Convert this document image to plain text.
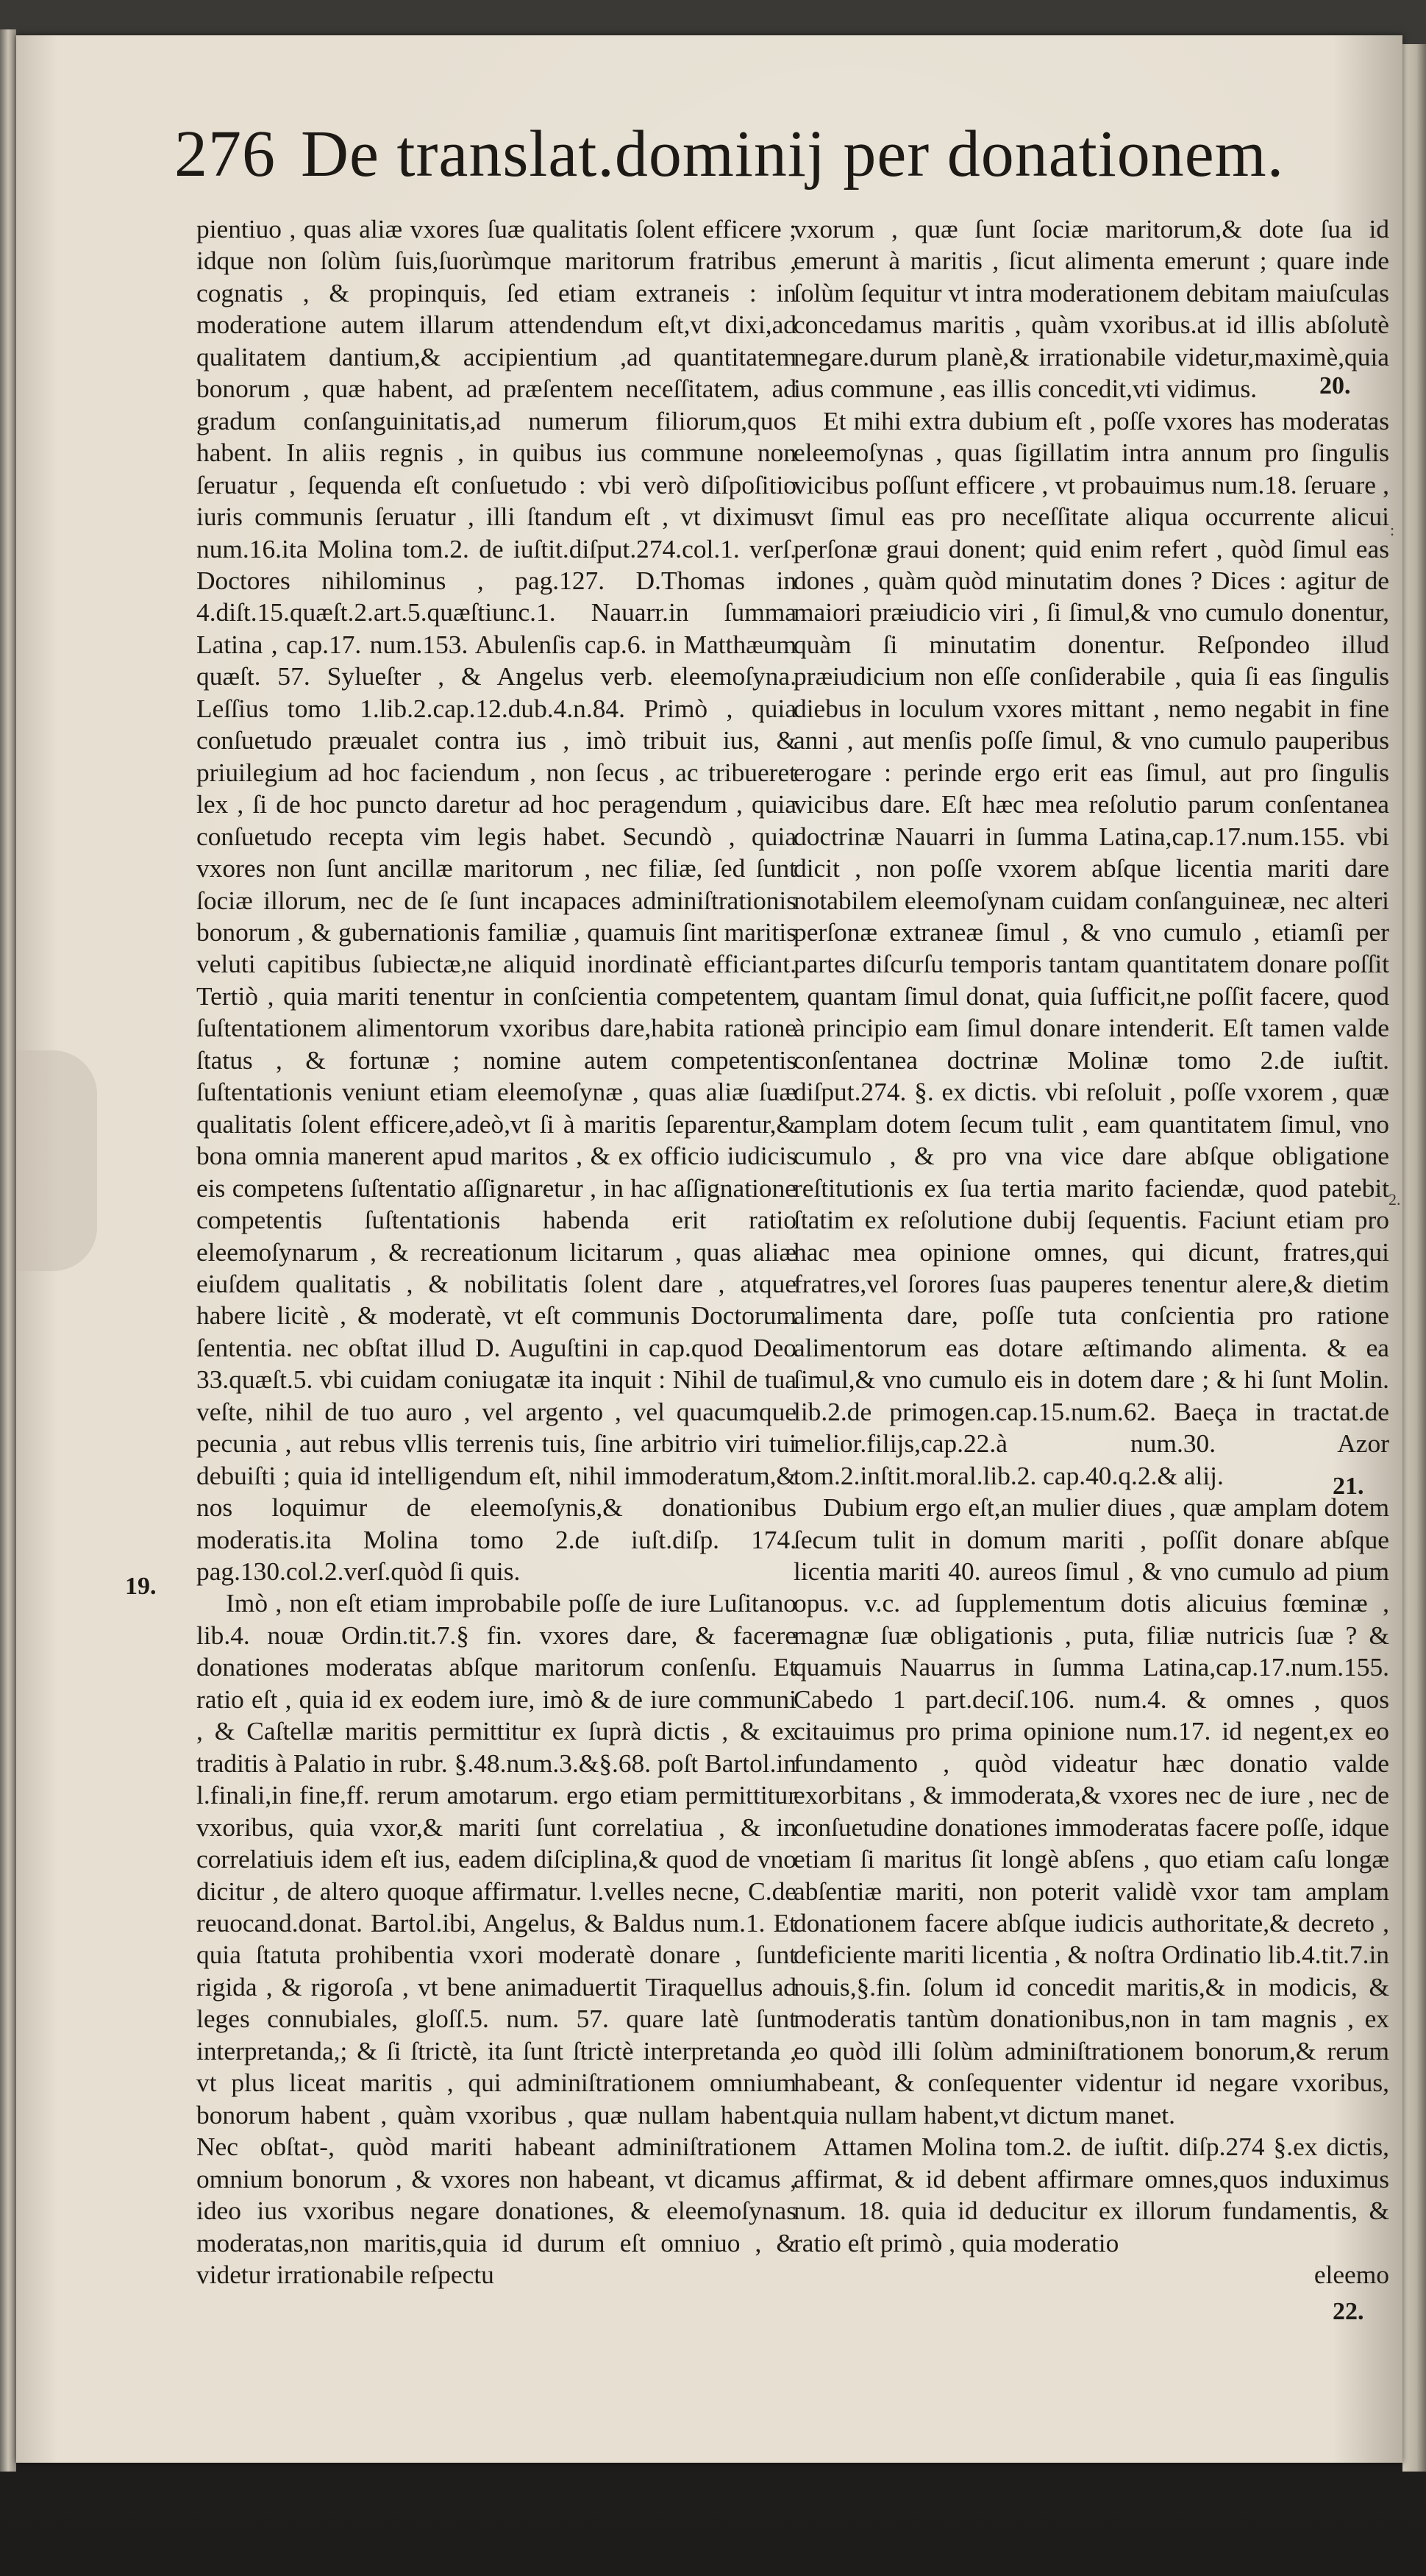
276 De translat.dominij per donationem.

pientiuo , quas aliæ vxores ſuæ qualitatis ſolent efficere ; idque non ſolùm ſuis,ſuorùmque maritorum fratribus , cognatis , & propinquis, ſed etiam extraneis : in moderatione autem illarum attendendum eſt,vt dixi,ad qualitatem dantium,& accipientium ,ad quantitatem bonorum , quæ habent, ad præſentem neceſſitatem, ad gradum conſanguinitatis,ad numerum filiorum,quos habent. In aliis regnis , in quibus ius commune non ſeruatur , ſequenda eſt conſuetudo : vbi verò diſpoſitio iuris communis ſeruatur , illi ſtandum eſt , vt diximus num.16.ita Molina tom.2. de iuſtit.diſput.274.col.1. verſ. Doctores nihilominus , pag.127. D.Thomas in 4.diſt.15.quæſt.2.art.5.quæſtiunc.1. Nauarr.in ſumma Latina , cap.17. num.153. Abulenſis cap.6. in Matthæum quæſt. 57. Sylueſter , & Angelus verb. eleemoſyna. Leſſius tomo 1.lib.2.cap.12.dub.4.n.84. Primò , quia conſuetudo præualet contra ius , imò tribuit ius, & priuilegium ad hoc faciendum , non ſecus , ac tribueret lex , ſi de hoc puncto daretur ad hoc peragendum , quia conſuetudo recepta vim legis habet. Secundò , quia vxores non ſunt ancillæ maritorum , nec filiæ, ſed ſunt ſociæ illorum, nec de ſe ſunt incapaces adminiſtrationis bonorum , & gubernationis familiæ , quamuis ſint maritis veluti capitibus ſubiectæ,ne aliquid inordinatè efficiant. Tertiò , quia mariti tenentur in conſcientia competentem ſuſtentationem alimentorum vxoribus dare,habita ratione ſtatus , & fortunæ ; nomine autem competentis ſuſtentationis veniunt etiam eleemoſynæ , quas aliæ ſuæ qualitatis ſolent efficere,adeò,vt ſi à maritis ſeparentur,& bona omnia manerent apud maritos , & ex officio iudicis eis competens ſuſtentatio aſſignaretur , in hac aſſignatione competentis ſuſtentationis habenda erit ratio eleemoſynarum , & recreationum licitarum , quas aliæ eiuſdem qualitatis , & nobilitatis ſolent dare , atque habere licitè , & moderatè, vt eſt communis Doctorum ſententia. nec obſtat illud D. Auguſtini in cap.quod Deo 33.quæſt.5. vbi cuidam coniugatæ ita inquit : Nihil de tua veſte, nihil de tuo auro , vel argento , vel quacumque pecunia , aut rebus vllis terrenis tuis, ſine arbitrio viri tui debuiſti ; quia id intelligendum eſt, nihil immoderatum,& nos loquimur de eleemoſynis,& donationibus moderatis.ita Molina tomo 2.de iuſt.diſp. 174. pag.130.col.2.verſ.quòd ſi quis.

Imò , non eſt etiam improbabile poſſe de iure Luſitano lib.4. nouæ Ordin.tit.7.§ fin. vxores dare, & facere donationes moderatas abſque maritorum conſenſu. Et ratio eſt , quia id ex eodem iure, imò & de iure communi , & Caſtellæ maritis permittitur ex ſuprà dictis , & ex traditis à Palatio in rubr. §.48.num.3.&§.68. poſt Bartol.in l.finali,in fine,ff. rerum amotarum. ergo etiam permittitur vxoribus, quia vxor,& mariti ſunt correlatiua , & in correlatiuis idem eſt ius, eadem diſciplina,& quod de vno dicitur , de altero quoque affirmatur. l.velles necne, C.de reuocand.donat. Bartol.ibi, Angelus, & Baldus num.1. Et quia ſtatuta prohibentia vxori moderatè donare , ſunt rigida , & rigoroſa , vt bene animaduertit Tiraquellus ad leges connubiales, gloſſ.5. num. 57. quare latè ſunt interpretanda,; & ſi ſtrictè, ita ſunt ſtrictè interpretanda , vt plus liceat maritis , qui adminiſtrationem omnium bonorum habent , quàm vxoribus , quæ nullam habent. Nec obſtat-, quòd mariti habeant adminiſtrationem omnium bonorum , & vxores non habeant, vt dicamus , ideo ius vxoribus negare donationes, & eleemoſynas moderatas,non maritis,quia id durum eſt omniuo , & videtur irrationabile reſpectu

vxorum , quæ ſunt ſociæ maritorum,& dote ſua id emerunt à maritis , ſicut alimenta emerunt ; quare inde ſolùm ſequitur vt intra moderationem debitam maiuſculas concedamus maritis , quàm vxoribus.at id illis abſolutè negare.durum planè,& irrationabile videtur,maximè,quia ius commune , eas illis concedit,vti vidimus.

Et mihi extra dubium eſt , poſſe vxores has moderatas eleemoſynas , quas ſigillatim intra annum pro ſingulis vicibus poſſunt efficere , vt probauimus num.18. ſeruare , vt ſimul eas pro neceſſitate aliqua occurrente alicui perſonæ graui donent; quid enim refert , quòd ſimul eas dones , quàm quòd minutatim dones ? Dices : agitur de maiori præiudicio viri , ſi ſimul,& vno cumulo donentur, quàm ſi minutatim donentur. Reſpondeo illud præiudicium non eſſe conſiderabile , quia ſi eas ſingulis diebus in loculum vxores mittant , nemo negabit in fine anni , aut menſis poſſe ſimul, & vno cumulo pauperibus erogare : perinde ergo erit eas ſimul, aut pro ſingulis vicibus dare. Eſt hæc mea reſolutio parum conſentanea doctrinæ Nauarri in ſumma Latina,cap.17.num.155. vbi dicit , non poſſe vxorem abſque licentia mariti dare notabilem eleemoſynam cuidam conſanguineæ, nec alteri perſonæ extraneæ ſimul , & vno cumulo , etiamſi per partes diſcurſu temporis tantam quantitatem donare poſſit , quantam ſimul donat, quia ſufficit,ne poſſit facere, quod à principio eam ſimul donare intenderit. Eſt tamen valde conſentanea doctrinæ Molinæ tomo 2.de iuſtit. diſput.274. §. ex dictis. vbi reſoluit , poſſe vxorem , quæ amplam dotem ſecum tulit , eam quantitatem ſimul, vno cumulo , & pro vna vice dare abſque obligatione reſtitutionis ex ſua tertia marito faciendæ, quod patebit ſtatim ex reſolutione dubij ſequentis. Faciunt etiam pro hac mea opinione omnes, qui dicunt, fratres,qui fratres,vel ſorores ſuas pauperes tenentur alere,& dietim alimenta dare, poſſe tuta conſcientia pro ratione alimentorum eas dotare æſtimando alimenta. & ea ſimul,& vno cumulo eis in dotem dare ; & hi ſunt Molin. lib.2.de primogen.cap.15.num.62. Baeça in tractat.de melior.filijs,cap.22.à num.30. Azor tom.2.inſtit.moral.lib.2. cap.40.q.2.& alij.

Dubium ergo eſt,an mulier diues , quæ amplam dotem ſecum tulit in domum mariti , poſſit donare abſque licentia mariti 40. aureos ſimul , & vno cumulo ad pium opus. v.c. ad ſupplementum dotis alicuius fœminæ , magnæ ſuæ obligationis , puta, filiæ nutricis ſuæ ? & quamuis Nauarrus in ſumma Latina,cap.17.num.155. Cabedo 1 part.deciſ.106. num.4. & omnes , quos citauimus pro prima opinione num.17. id negent,ex eo fundamento , quòd videatur hæc donatio valde exorbitans , & immoderata,& vxores nec de iure , nec de conſuetudine donationes immoderatas facere poſſe, idque etiam ſi maritus ſit longè abſens , quo etiam caſu longæ abſentiæ mariti, non poterit validè vxor tam amplam donationem facere abſque iudicis authoritate,& decreto , deficiente mariti licentia , & noſtra Ordinatio lib.4.tit.7.in nouis,§.fin. ſolum id concedit maritis,& in modicis, & moderatis tantùm donationibus,non in tam magnis , ex eo quòd illi ſolùm adminiſtrationem bonorum,& rerum habeant, & conſequenter videntur id negare vxoribus, quia nullam habent,vt dictum manet.

Attamen Molina tom.2. de iuſtit. diſp.274 §.ex dictis, affirmat, & id debent affirmare omnes,quos induximus num. 18. quia id deducitur ex illorum fundamentis, & ratio eſt primò , quia moderatio

eleemo

19.
20.
21.
22.
:
2.
